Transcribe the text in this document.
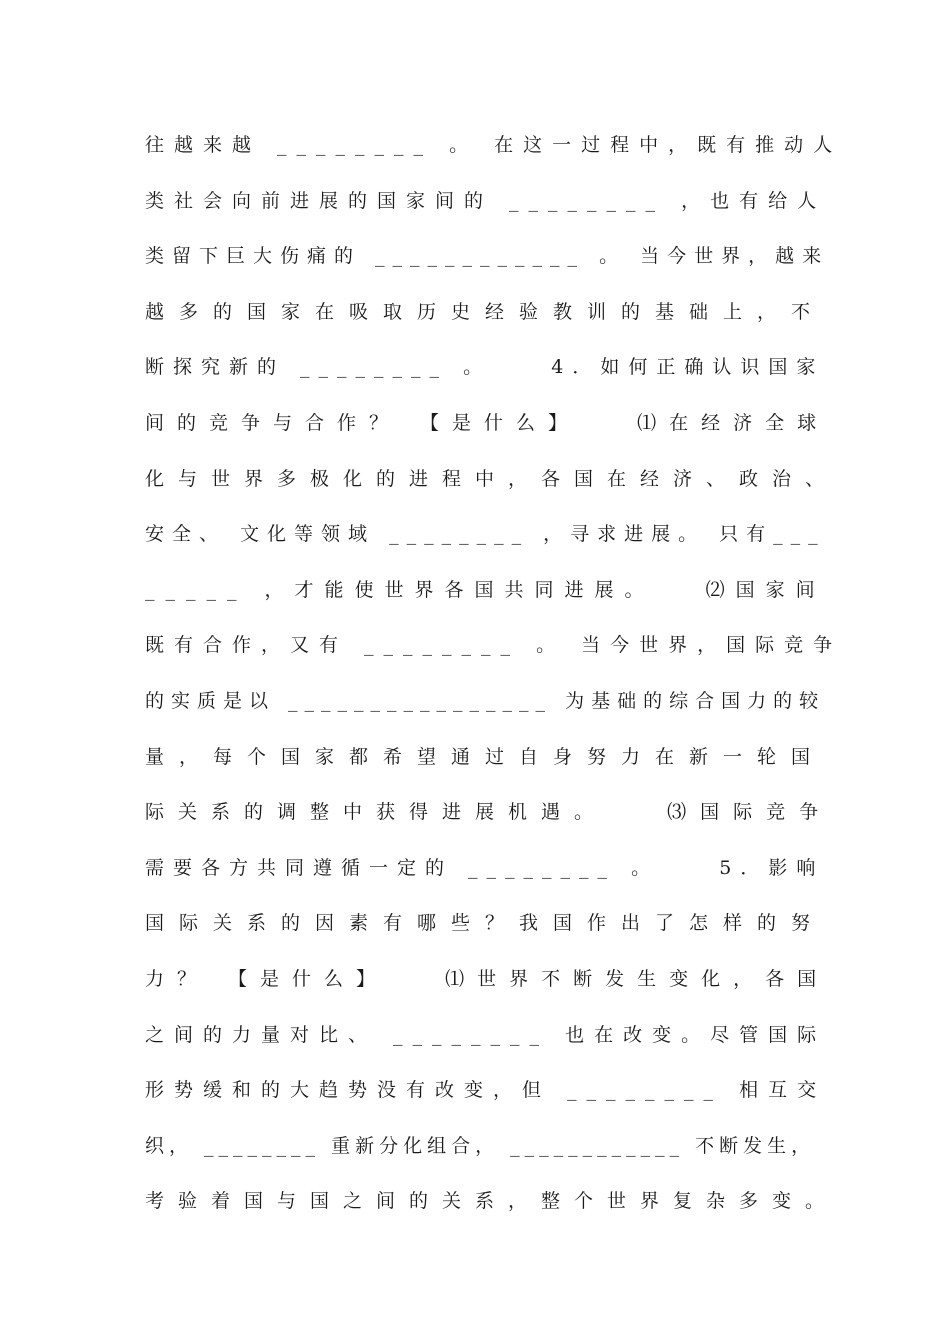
往越来越 ________ 。 在这一过程中，既有推动人
类社会向前进展的国家间的 ________ ，也有给人
类留下巨大伤痛的 ____________ 。 当今世界，越来
越多的国家在吸取历史经验教训的基础上，不
断探究新的 ________ 。    4．如何正确认识国家
间的竞争与合作？ 【是什么】   ⑴在经济全球
化与世界多极化的进程中，各国在经济、政治、
安全、 文化等领域 ________ ，寻求进展。 只有___
_____ ，才能使世界各国共同进展。   ⑵国家间
既有合作，又有 ________ 。 当今世界，国际竞争
的实质是以 ________________ 为基础的综合国力的较
量，每个国家都希望通过自身努力在新一轮国
际关系的调整中获得进展机遇。   ⑶国际竞争
需要各方共同遵循一定的 ________ 。    5．影响
国际关系的因素有哪些？我国作出了怎样的努
力？ 【是什么】   ⑴世界不断发生变化，各国
之间的力量对比、 ________ 也在改变。尽管国际
形势缓和的大趋势没有改变，但 ________ 相互交
织， ________ 重新分化组合， ____________ 不断发生，
考验着国与国之间的关系，整个世界复杂多变。
